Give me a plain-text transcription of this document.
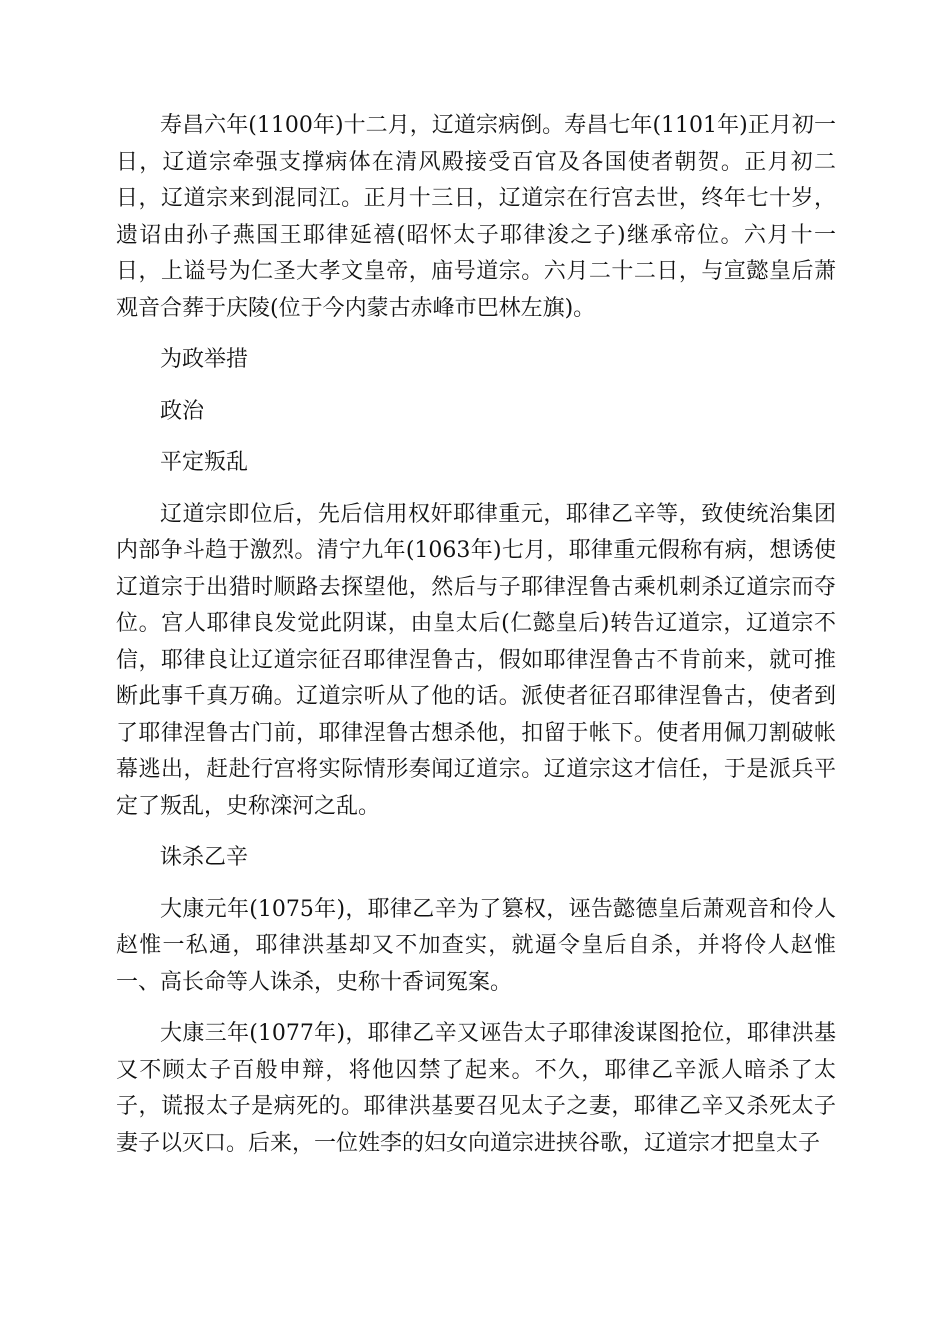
寿昌六年(1100年)十二月，辽道宗病倒。寿昌七年(1101年)正月初一日，辽道宗牵强支撑病体在清风殿接受百官及各国使者朝贺。正月初二日，辽道宗来到混同江。正月十三日，辽道宗在行宫去世，终年七十岁，遗诏由孙子燕国王耶律延禧(昭怀太子耶律浚之子)继承帝位。六月十一日，上谥号为仁圣大孝文皇帝，庙号道宗。六月二十二日，与宣懿皇后萧观音合葬于庆陵(位于今内蒙古赤峰市巴林左旗)。

为政举措

政治

平定叛乱

辽道宗即位后，先后信用权奸耶律重元，耶律乙辛等，致使统治集团内部争斗趋于激烈。清宁九年(1063年)七月，耶律重元假称有病，想诱使辽道宗于出猎时顺路去探望他，然后与子耶律涅鲁古乘机刺杀辽道宗而夺位。宫人耶律良发觉此阴谋，由皇太后(仁懿皇后)转告辽道宗，辽道宗不信，耶律良让辽道宗征召耶律涅鲁古，假如耶律涅鲁古不肯前来，就可推断此事千真万确。辽道宗听从了他的话。派使者征召耶律涅鲁古，使者到了耶律涅鲁古门前，耶律涅鲁古想杀他，扣留于帐下。使者用佩刀割破帐幕逃出，赶赴行宫将实际情形奏闻辽道宗。辽道宗这才信任，于是派兵平定了叛乱，史称滦河之乱。

诛杀乙辛

大康元年(1075年)，耶律乙辛为了篡权，诬告懿德皇后萧观音和伶人赵惟一私通，耶律洪基却又不加查实，就逼令皇后自杀，并将伶人赵惟一、高长命等人诛杀，史称十香词冤案。

大康三年(1077年)，耶律乙辛又诬告太子耶律浚谋图抢位，耶律洪基又不顾太子百般申辩，将他囚禁了起来。不久，耶律乙辛派人暗杀了太子，谎报太子是病死的。耶律洪基要召见太子之妻，耶律乙辛又杀死太子妻子以灭口。后来，一位姓李的妇女向道宗进挟谷歌，辽道宗才把皇太子
